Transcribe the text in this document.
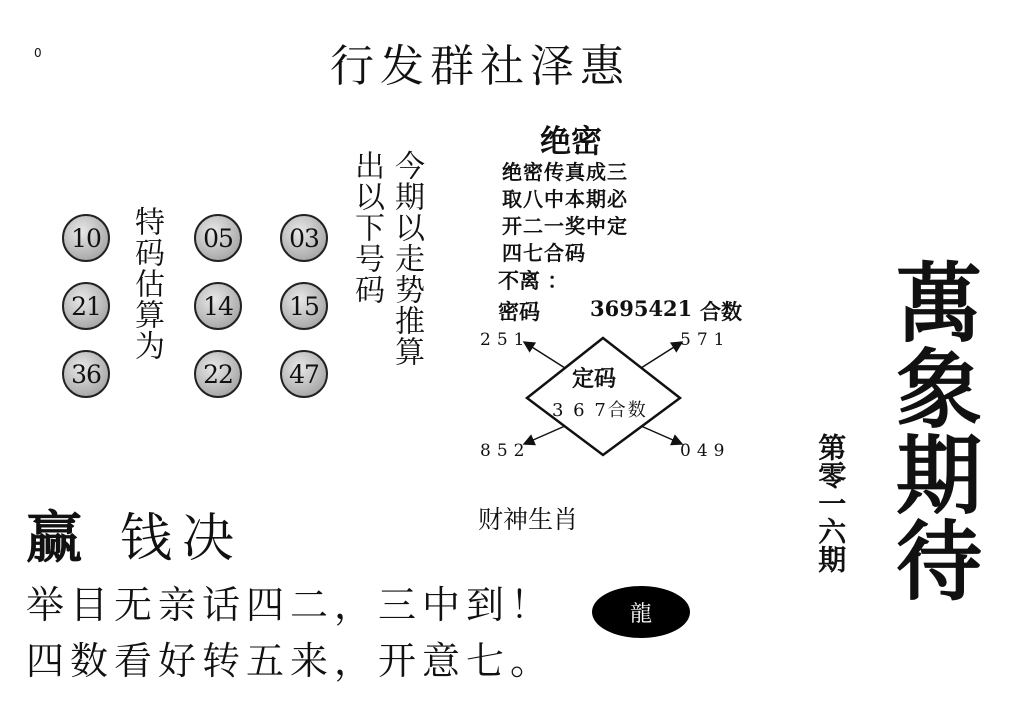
0	行发群社泽惠
10	05	03
21	14	15
36	22	47
特码估算为	今期以走势推算
出以下号码
绝密
绝密传真成三
取八中本期必
开二一奖中定
四七合码
不离 ：
密码 3695421 合数
定码
3 6 7合数
251	571
852	049
财神生肖
龍
赢 钱决
举目无亲话四二，三中到！
四数看好转五来，开意七。
萬象期待
第零一六期
